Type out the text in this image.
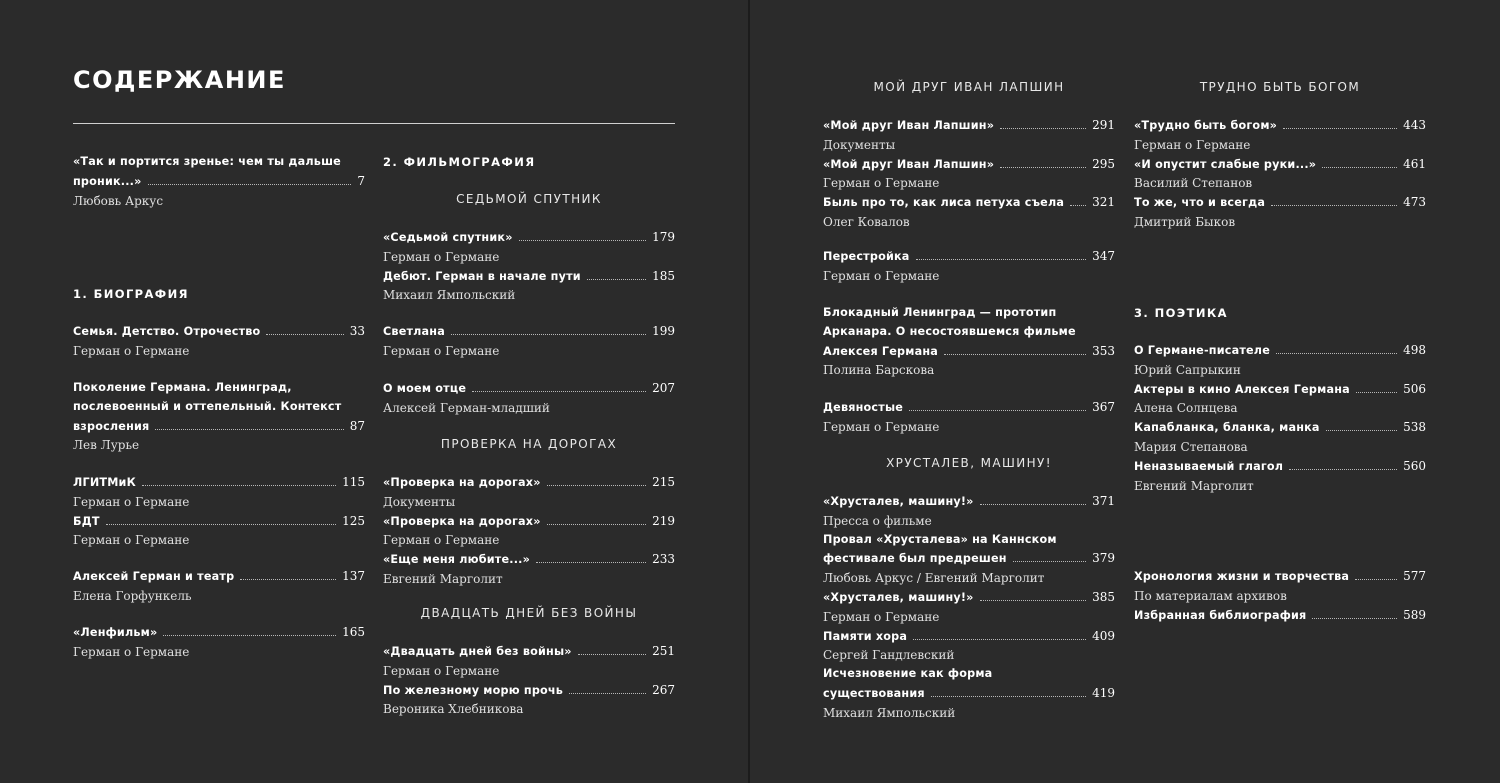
СОДЕРЖАНИЕ
«Так и портится зренье: чем ты дальше
проник...»	7
Любовь Аркус
1. БИОГРАФИЯ
Семья. Детство. Отрочество	33
Герман о Германе
Поколение Германа. Ленинград,
послевоенный и оттепельный. Контекст
взросления	87
Лев Лурье
ЛГИТМиК	115
Герман о Германе
БДТ	125
Герман о Германе
Алексей Герман и театр	137
Елена Горфункель
«Ленфильм»	165
Герман о Германе
2. ФИЛЬМОГРАФИЯ
СЕДЬМОЙ СПУТНИК
«Седьмой спутник»	179
Герман о Германе
Дебют. Герман в начале пути	185
Михаил Ямпольский
Светлана	199
Герман о Германе
О моем отце	207
Алексей Герман-младший
ПРОВЕРКА НА ДОРОГАХ
«Проверка на дорогах»	215
Документы
«Проверка на дорогах»	219
Герман о Германе
«Еще меня любите...»	233
Евгений Марголит
ДВАДЦАТЬ ДНЕЙ БЕЗ ВОЙНЫ
«Двадцать дней без войны»	251
Герман о Германе
По железному морю прочь	267
Вероника Хлебникова
МОЙ ДРУГ ИВАН ЛАПШИН
«Мой друг Иван Лапшин»	291
Документы
«Мой друг Иван Лапшин»	295
Герман о Германе
Быль про то, как лиса петуха съела 321
Олег Ковалов
Перестройка	347
Герман о Германе
Блокадный Ленинград — прототип
Арканара. О несостоявшемся фильме
Алексея Германа	353
Полина Барскова
Девяностые	367
Герман о Германе
ХРУСТАЛЕВ, МАШИНУ!
«Хрусталев, машину!»	371
Пресса о фильме
Провал «Хрусталева» на Каннском
фестивале был предрешен	379
Любовь Аркус / Евгений Марголит
«Хрусталев, машину!»	385
Герман о Германе
Памяти хора	409
Сергей Гандлевский
Исчезновение как форма
существования	419
Михаил Ямпольский
ТРУДНО БЫТЬ БОГОМ
«Трудно быть богом»	443
Герман о Германе
«И опустит слабые руки...»	461
Василий Степанов
То же, что и всегда	473
Дмитрий Быков
3. ПОЭТИКА
О Германе-писателе	498
Юрий Сапрыкин
Актеры в кино Алексея Германа	506
Алена Солнцева
Капабланка, бланка, манка	538
Мария Степанова
Неназываемый глагол	560
Евгений Марголит
Хронология жизни и творчества	577
По материалам архивов
Избранная библиография	589
